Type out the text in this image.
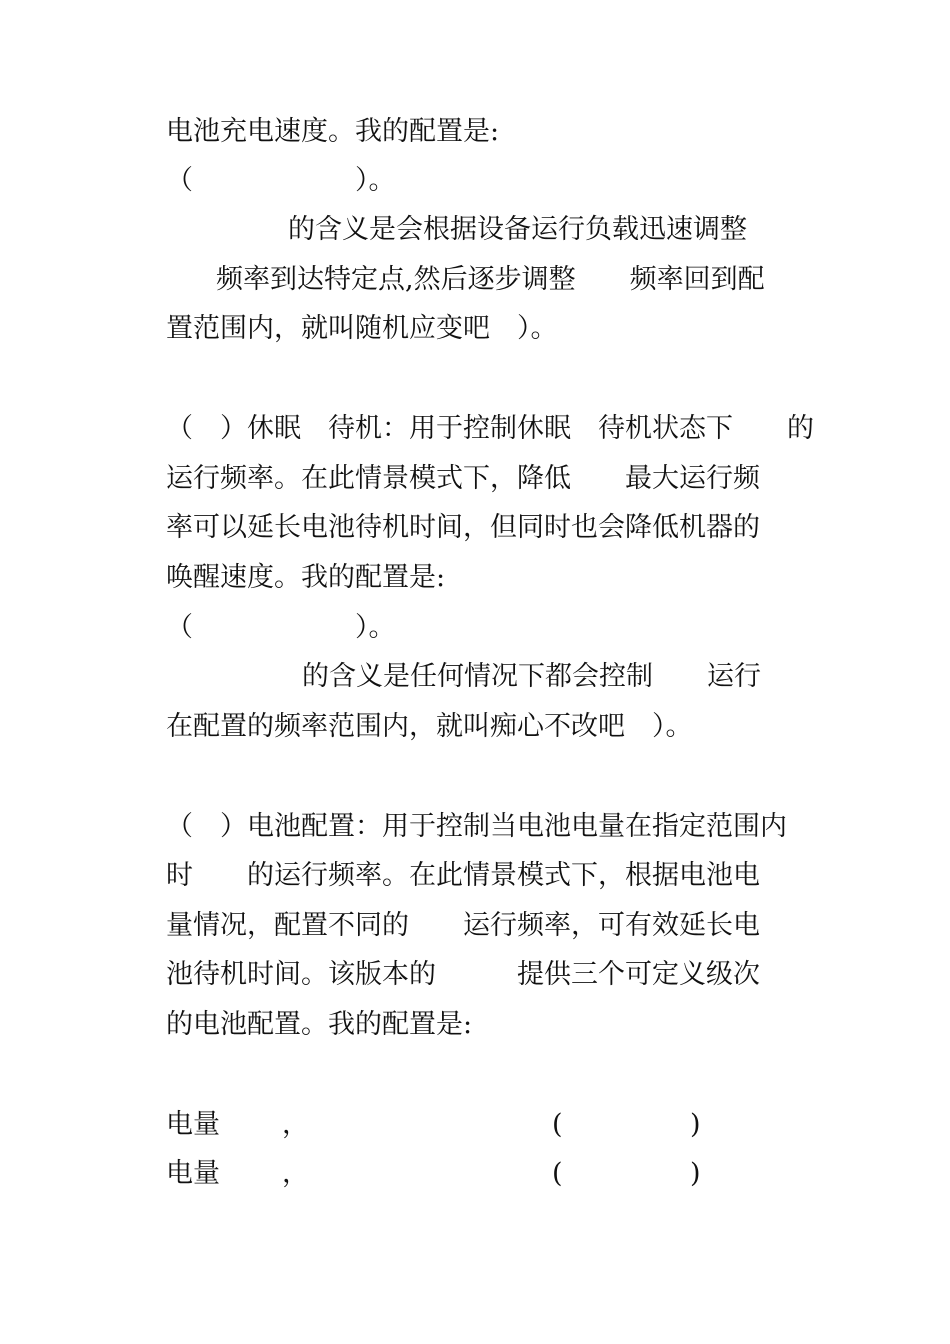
电池充电速度。我的配置是:
（　　　　　　）。
的含义是会根据设备运行负载迅速调整
频率到达特定点,然后逐步调整　　频率回到配
置范围内，就叫随机应变吧　）。
（　）休眠　待机：用于控制休眠　待机状态下　　的
运行频率。在此情景模式下，降低　　最大运行频
率可以延长电池待机时间，但同时也会降低机器的
唤醒速度。我的配置是:
（　　　　　　）。
的含义是任何情况下都会控制　　运行
在配置的频率范围内，就叫痴心不改吧　）。
（　）电池配置：用于控制当电池电量在指定范围内
时　　的运行频率。在此情景模式下，根据电池电
量情况，配置不同的　　运行频率，可有效延长电
池待机时间。该版本的　　　提供三个可定义级次
的电池配置。我的配置是:
电量 ，	(	)
电量 ，	(	)
